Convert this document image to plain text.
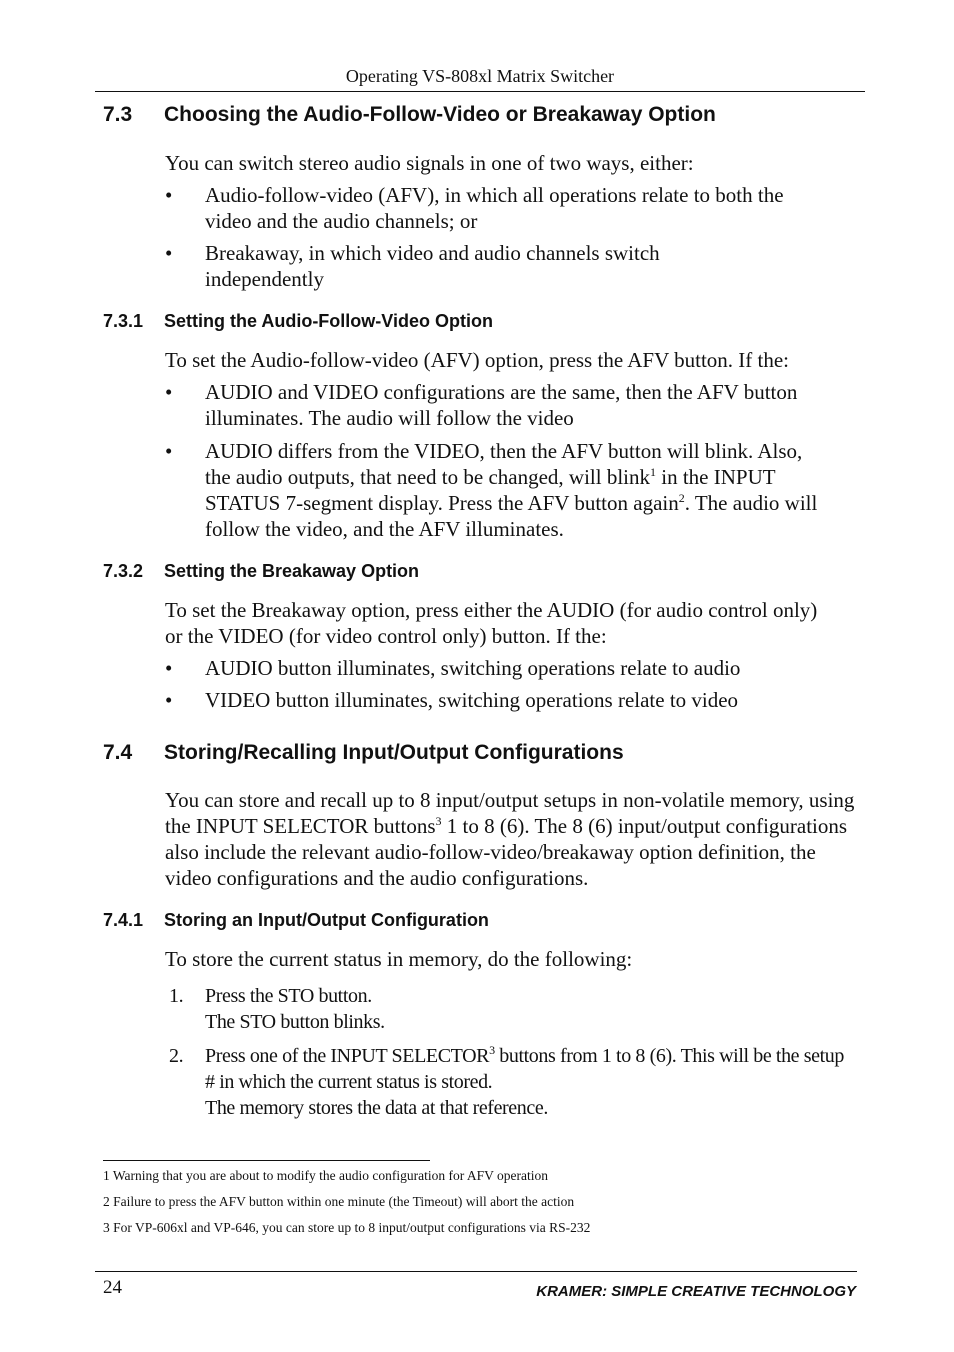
Operating VS-808xl Matrix Switcher
7.3 Choosing the Audio-Follow-Video or Breakaway Option
You can switch stereo audio signals in one of two ways, either:
• Audio-follow-video (AFV), in which all operations relate to both the video and the audio channels; or
• Breakaway, in which video and audio channels switch independently
7.3.1 Setting the Audio-Follow-Video Option
To set the Audio-follow-video (AFV) option, press the AFV button. If the:
• AUDIO and VIDEO configurations are the same, then the AFV button illuminates. The audio will follow the video
• AUDIO differs from the VIDEO, then the AFV button will blink. Also, the audio outputs, that need to be changed, will blink$^1$ in the INPUT STATUS 7-segment display. Press the AFV button again$^2$. The audio will follow the video, and the AFV illuminates.
7.3.2 Setting the Breakaway Option
To set the Breakaway option, press either the AUDIO (for audio control only) or the VIDEO (for video control only) button. If the:
• AUDIO button illuminates, switching operations relate to audio
• VIDEO button illuminates, switching operations relate to video
7.4 Storing/Recalling Input/Output Configurations
You can store and recall up to 8 input/output setups in non-volatile memory, using the INPUT SELECTOR buttons$^3$ 1 to 8 (6). The 8 (6) input/output configurations also include the relevant audio-follow-video/breakaway option definition, the video configurations and the audio configurations.
7.4.1 Storing an Input/Output Configuration
To store the current status in memory, do the following:
1. Press the STO button.
The STO button blinks.
2. Press one of the INPUT SELECTOR$^3$ buttons from 1 to 8 (6). This will be the setup # in which the current status is stored.
The memory stores the data at that reference.
1 Warning that you are about to modify the audio configuration for AFV operation
2 Failure to press the AFV button within one minute (the Timeout) will abort the action
3 For VP-606xl and VP-646, you can store up to 8 input/output configurations via RS-232
24	KRAMER: SIMPLE CREATIVE TECHNOLOGY
